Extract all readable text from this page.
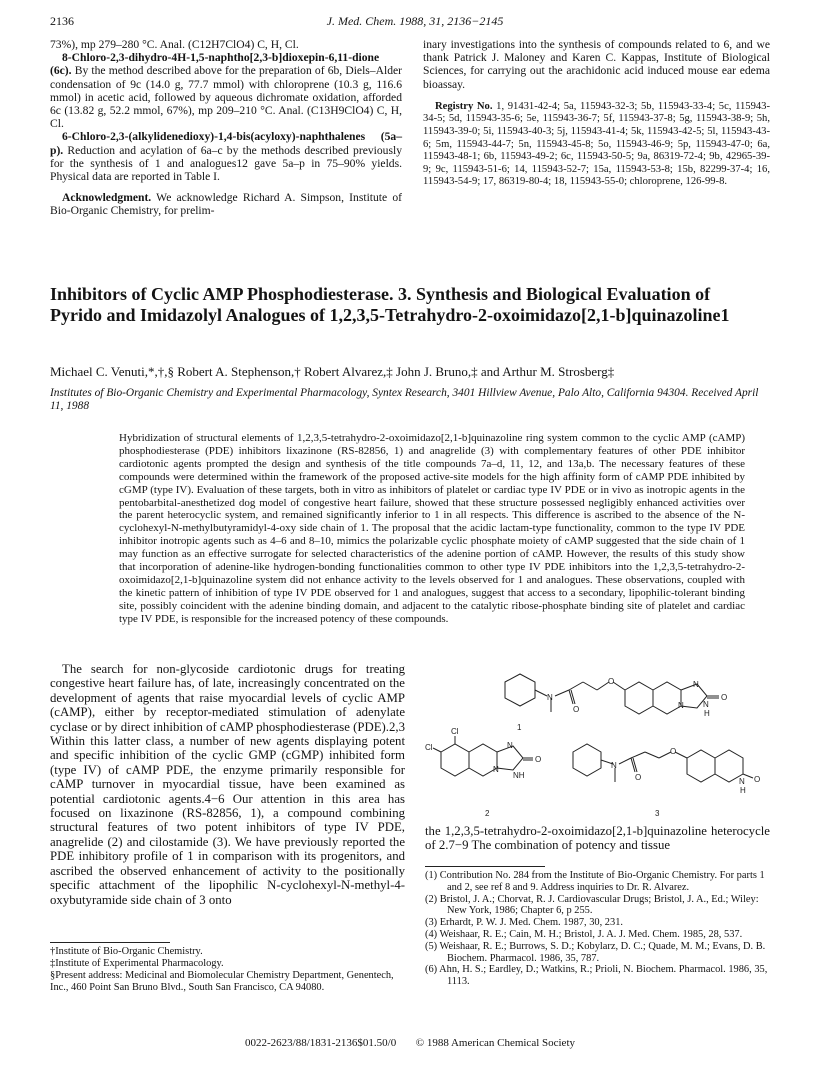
2136	J. Med. Chem. 1988, 31, 2136−2145

73%), mp 279–280 °C. Anal. (C12H7ClO4) C, H, Cl.

8-Chloro-2,3-dihydro-4H-1,5-naphtho[2,3-b]dioxepin-6,11-dione (6c). By the method described above for the preparation of 6b, Diels–Alder condensation of 9c (14.0 g, 77.7 mmol) with chloroprene (10.3 g, 116.6 mmol) in acetic acid, followed by aqueous dichromate oxidation, afforded 6c (13.82 g, 52.2 mmol, 67%), mp 209–210 °C. Anal. (C13H9ClO4) C, H, Cl.

6-Chloro-2,3-(alkylidenedioxy)-1,4-bis(acyloxy)-naphthalenes (5a–p). Reduction and acylation of 6a–c by the methods described previously for the synthesis of 1 and analogues12 gave 5a–p in 75–90% yields. Physical data are reported in Table I.

Acknowledgment. We acknowledge Richard A. Simpson, Institute of Bio-Organic Chemistry, for prelim-

inary investigations into the synthesis of compounds related to 6, and we thank Patrick J. Maloney and Karen C. Kappas, Institute of Biological Sciences, for carrying out the arachidonic acid induced mouse ear edema bioassay.

Registry No. 1, 91431-42-4; 5a, 115943-32-3; 5b, 115943-33-4; 5c, 115943-34-5; 5d, 115943-35-6; 5e, 115943-36-7; 5f, 115943-37-8; 5g, 115943-38-9; 5h, 115943-39-0; 5i, 115943-40-3; 5j, 115943-41-4; 5k, 115943-42-5; 5l, 115943-43-6; 5m, 115943-44-7; 5n, 115943-45-8; 5o, 115943-46-9; 5p, 115943-47-0; 6a, 115943-48-1; 6b, 115943-49-2; 6c, 115943-50-5; 9a, 86319-72-4; 9b, 42965-39-9; 9c, 115943-51-6; 14, 115943-52-7; 15a, 115943-53-8; 15b, 82299-37-4; 16, 115943-54-9; 17, 86319-80-4; 18, 115943-55-0; chloroprene, 126-99-8.

Inhibitors of Cyclic AMP Phosphodiesterase. 3. Synthesis and Biological Evaluation of Pyrido and Imidazolyl Analogues of 1,2,3,5-Tetrahydro-2-oxoimidazo[2,1-b]quinazoline1
Michael C. Venuti,*,†,§ Robert A. Stephenson,† Robert Alvarez,‡ John J. Bruno,‡ and Arthur M. Strosberg‡
Institutes of Bio-Organic Chemistry and Experimental Pharmacology, Syntex Research, 3401 Hillview Avenue, Palo Alto, California 94304. Received April 11, 1988
Hybridization of structural elements of 1,2,3,5-tetrahydro-2-oxoimidazo[2,1-b]quinazoline ring system common to the cyclic AMP (cAMP) phosphodiesterase (PDE) inhibitors lixazinone (RS-82856, 1) and anagrelide (3) with complementary features of other PDE inhibitor cardiotonic agents prompted the design and synthesis of the title compounds 7a–d, 11, 12, and 13a,b. The necessary features of these compounds were determined within the framework of the proposed active-site models for the high affinity form of cAMP PDE inhibited by cGMP (type IV). Evaluation of these targets, both in vitro as inhibitors of platelet or cardiac type IV PDE or in vivo as inotropic agents in the pentobarbital-anesthetized dog model of congestive heart failure, showed that these structure possessed negligibly enhanced activities over the parent heterocyclic system, and remained significantly inferior to 1 in all respects. This difference is ascribed to the absence of the N-cyclohexyl-N-methylbutyramidyl-4-oxy side chain of 1. The proposal that the acidic lactam-type functionality, common to the type IV PDE inhibitor inotropic agents such as 4–6 and 8–10, mimics the polarizable cyclic phosphate moiety of cAMP suggested that the side chain of 1 may function as an effective surrogate for selected characteristics of the adenine portion of cAMP. However, the results of this study show that incorporation of adenine-like hydrogen-bonding functionalities common to other type IV PDE inhibitors into the 1,2,3,5-tetrahydro-2-oxoimidazo[2,1-b]quinazoline system did not enhance activity to the levels observed for 1 and analogues. These observations, coupled with the kinetic pattern of inhibition of type IV PDE observed for 1 and analogues, suggest that access to a secondary, lipophilic-tolerant binding site, possibly coincident with the adenine binding domain, and adjacent to the catalytic ribose-phosphate binding site of platelet and cardiac type IV PDE, is responsible for the increased potency of these compounds.

The search for non-glycoside cardiotonic drugs for treating congestive heart failure has, of late, increasingly concentrated on the development of agents that raise myocardial levels of cyclic AMP (cAMP), either by receptor-mediated stimulation of adenylate cyclase or by direct inhibition of cAMP phosphodiesterase (PDE).2,3 Within this latter class, a number of new agents displaying potent and specific inhibition of the cyclic GMP (cGMP) inhibited form (type IV) of cAMP PDE, the enzyme primarily responsible for cAMP turnover in myocardial tissue, have been examined as potential cardiotonic agents.4−6 Our attention in this area has focused on lixazinone (RS-82856, 1), a compound combining structural features of two potent inhibitors of type IV PDE, anagrelide (2) and cilostamide (3). We have previously reported the PDE inhibitory profile of 1 in comparison with its progenitors, and ascribed the observed enhancement of activity to the positionally specific attachment of the lipophilic N-cyclohexyl-N-methyl-4-oxybutyramide side chain of 3 onto

N
O
O	N
N N
H
O
1
Cl
Cl	N
N
NH
O
2
N
O
O
N
H
O
3

the 1,2,3,5-tetrahydro-2-oxoimidazo[2,1-b]quinazoline heterocycle of 2.7−9 The combination of potency and tissue

†Institute of Bio-Organic Chemistry.
‡Institute of Experimental Pharmacology.
§Present address: Medicinal and Biomolecular Chemistry Department, Genentech, Inc., 460 Point San Bruno Blvd., South San Francisco, CA 94080.
(1) Contribution No. 284 from the Institute of Bio-Organic Chemistry. For parts 1 and 2, see ref 8 and 9. Address inquiries to Dr. R. Alvarez.
(2) Bristol, J. A.; Chorvat, R. J. Cardiovascular Drugs; Bristol, J. A., Ed.; Wiley: New York, 1986; Chapter 6, p 255.
(3) Erhardt, P. W. J. Med. Chem. 1987, 30, 231.
(4) Weishaar, R. E.; Cain, M. H.; Bristol, J. A. J. Med. Chem. 1985, 28, 537.
(5) Weishaar, R. E.; Burrows, S. D.; Kobylarz, D. C.; Quade, M. M.; Evans, D. B. Biochem. Pharmacol. 1986, 35, 787.
(6) Ahn, H. S.; Eardley, D.; Watkins, R.; Prioli, N. Biochem. Pharmacol. 1986, 35, 1113.
0022-2623/88/1831-2136$01.50/0 © 1988 American Chemical Society
